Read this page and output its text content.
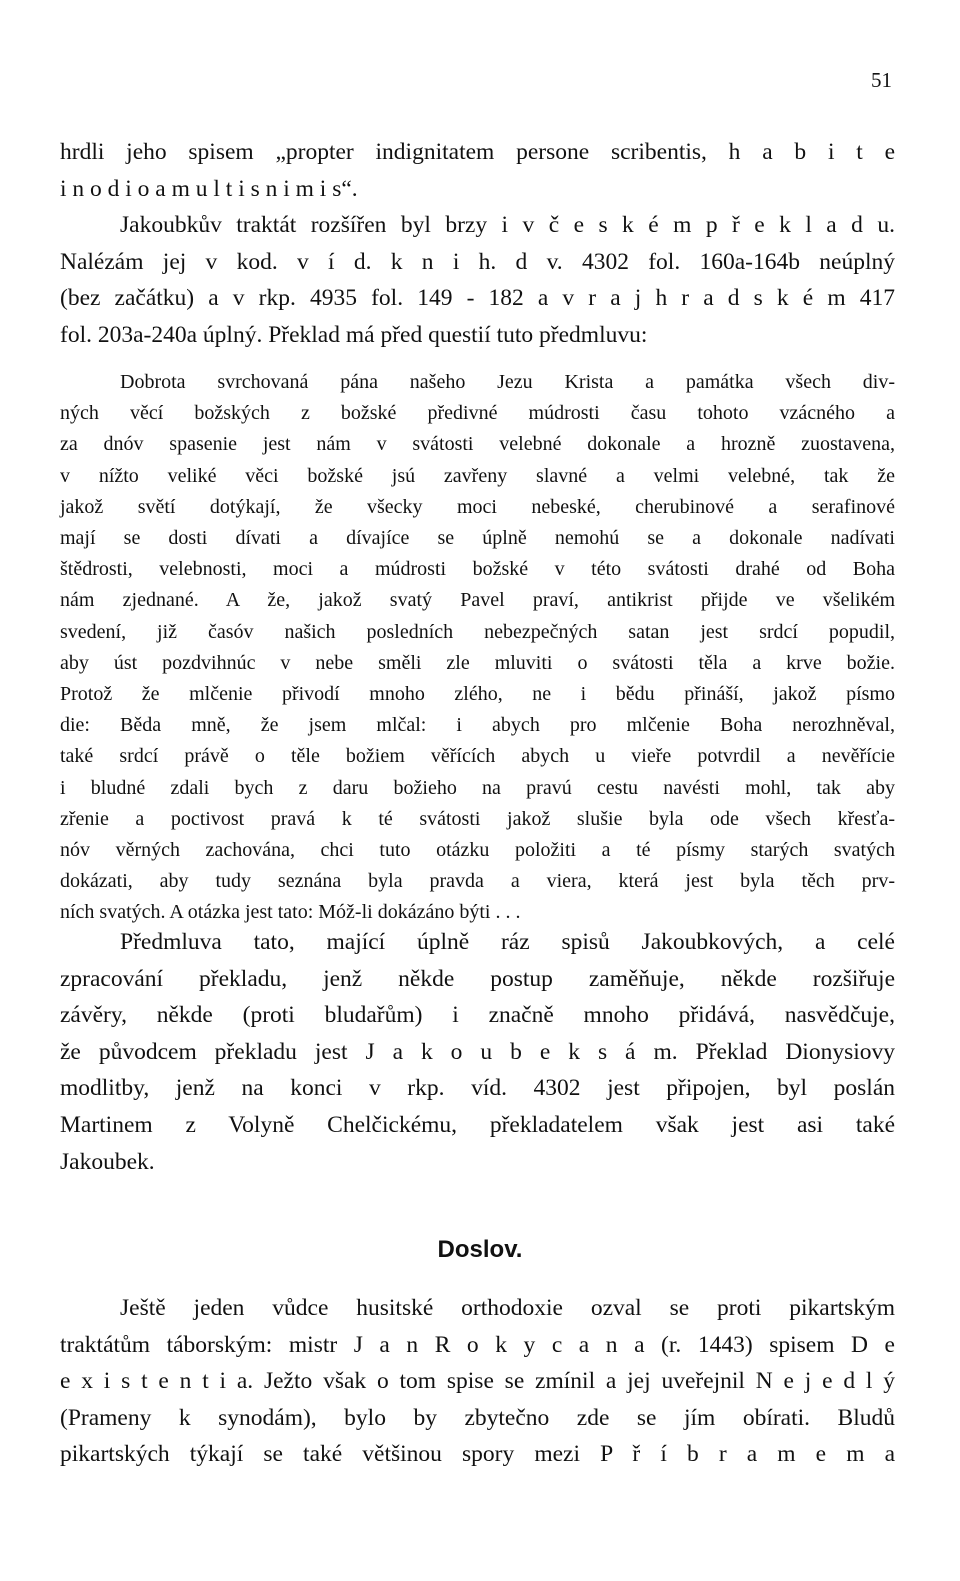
51

hrdli jeho spisem „propter indignitatem persone scribentis, h a b i t e
i n o d i o a m u l t i s n i m i s“.

Jakoubkův traktát rozšířen byl brzy i v č e s k é m p ř e k l a d u.
Nalézám jej v kod. v í d. k n i h. d v. 4302 fol. 160a-164b neúplný
(bez začátku) a v rkp. 4935 fol. 149 - 182 a v r a j h r a d s k é m 417
fol. 203a-240a úplný. Překlad má před questií tuto předmluvu:

Dobrota svrchovaná pána našeho Jezu Krista a památka všech div-
ných věcí božských z božské předivné múdrosti času tohoto vzácného a
za dnóv spasenie jest nám v svátosti velebné dokonale a hrozně zuostavena,
v nížto veliké věci božské jsú zavřeny slavné a velmi velebné, tak že
jakož světí dotýkají, že všecky moci nebeské, cherubinové a serafinové
mají se dosti dívati a dívajíce se úplně nemohú se a dokonale nadívati
štědrosti, velebnosti, moci a múdrosti božské v této svátosti drahé od Boha
nám zjednané. A že, jakož svatý Pavel praví, antikrist přijde ve všelikém
svedení, již časóv našich posledních nebezpečných satan jest srdcí popudil,
aby úst pozdvihnúc v nebe směli zle mluviti o svátosti těla a krve božie.
Protož že mlčenie přivodí mnoho zlého, ne i bědu přináší, jakož písmo
die: Běda mně, že jsem mlčal: i abych pro mlčenie Boha nerozhněval,
také srdcí právě o těle božiem věřících abych u vieře potvrdil a nevěřície
i bludné zdali bych z daru božieho na pravú cestu navésti mohl, tak aby
zřenie a poctivost pravá k té svátosti jakož slušie byla ode všech křesťa-
nóv věrných zachována, chci tuto otázku položiti a té písmy starých svatých
dokázati, aby tudy seznána byla pravda a viera, která jest byla těch prv-
ních svatých. A otázka jest tato: Móž-li dokázáno býti . . .

Předmluva tato, mající úplně ráz spisů Jakoubkových, a celé
zpracování překladu, jenž někde postup zaměňuje, někde rozšiřuje
závěry, někde (proti bludařům) i značně mnoho přidává, nasvědčuje,
že původcem překladu jest J a k o u b e k s á m. Překlad Dionysiovy
modlitby, jenž na konci v rkp. víd. 4302 jest připojen, byl poslán
Martinem z Volyně Chelčickému, překladatelem však jest asi také
Jakoubek.

Doslov.

Ještě jeden vůdce husitské orthodoxie ozval se proti pikartským
traktátům táborským: mistr J a n R o k y c a n a (r. 1443) spisem D e
e x i s t e n t i a. Ježto však o tom spise se zmínil a jej uveřejnil N e j e d l ý
(Prameny k synodám), bylo by zbytečno zde se jím obírati. Bludů
pikartských týkají se také většinou spory mezi P ř í b r a m e m a
